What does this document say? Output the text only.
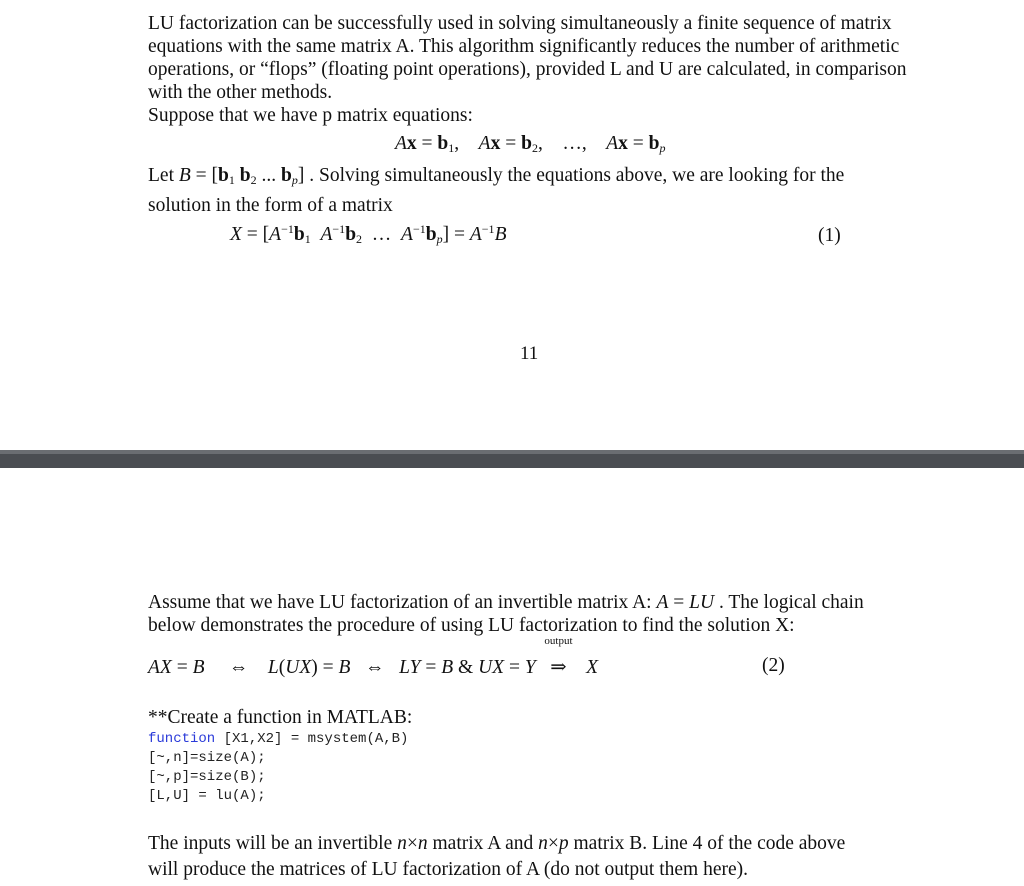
LU factorization can be successfully used in solving simultaneously a finite sequence of matrix equations with the same matrix A. This algorithm significantly reduces the number of arithmetic operations, or “flops” (floating point operations), provided L and U are calculated, in comparison with the other methods.

Suppose that we have p matrix equations:

$Ax = b_1$,    $Ax = b_2$,    …,    $Ax = b_p$

Let $B = [b_1$ $b_2$ ... $b_p$] . Solving simultaneously the equations above, we are looking for the

solution in the form of a matrix

$X = [A^{-1}b_1$ $A^{-1}b_2$  …  $A^{-1}b_p] = A^{-1}B$	(1)
11

Assume that we have LU factorization of an invertible matrix A: A = LU . The logical chain

below demonstrates the procedure of using LU factorization to find the solution X:

AX = B     ⇔    L(UX) = B   ⇔   LY = B & UX = Y
output
⇒ X	(2)
**Create a function in MATLAB:
function [X1,X2] = msystem(A,B)
[~,n]=size(A);
[~,p]=size(B);
[L,U] = lu(A);

The inputs will be an invertible n×n matrix A and n×p matrix B. Line 4 of the code above

will produce the matrices of LU factorization of A (do not output them here).
